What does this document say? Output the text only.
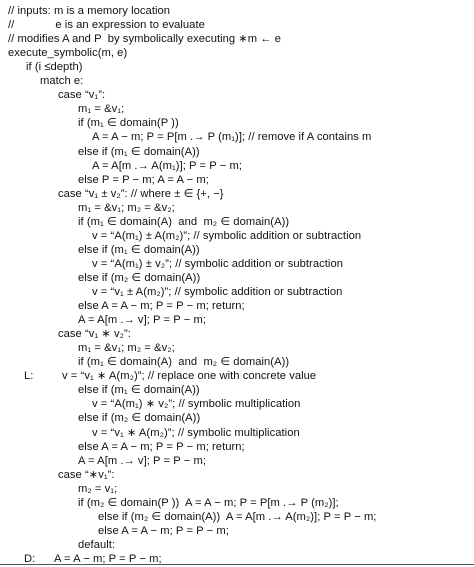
// inputs: m is a memory location
//             e is an expression to evaluate
// modifies A and P  by symbolically executing ∗m ← e
execute_symbolic(m, e)
if (i ≤depth)
match e:
case “v₁”:
m₁ = &v₁;
if (m₁ ∈ domain(P ))
A = A − m; P = P[m .→ P (m₁)]; // remove if A contains m
else if (m₁ ∈ domain(A))
A = A[m .→ A(m₁)]; P = P − m;
else P = P − m; A = A − m;
case “v₁ ± v₂”: // where ± ∈ {+, −}
m₁ = &v₁; m₂ = &v₂;
if (m₁ ∈ domain(A)  and  m₂ ∈ domain(A))
v = “A(m₁) ± A(m₂)”; // symbolic addition or subtraction
else if (m₁ ∈ domain(A))
v = “A(m₁) ± v₂”; // symbolic addition or subtraction
else if (m₂ ∈ domain(A))
v = “v₁ ± A(m₂)”; // symbolic addition or subtraction
else A = A − m; P = P − m; return;
A = A[m .→ v]; P = P − m;
case “v₁ ∗ v₂”:
m₁ = &v₁; m₂ = &v₂;
if (m₁ ∈ domain(A)  and  m₂ ∈ domain(A))
v = “v₁ ∗ A(m₂)”; // replace one with concrete value
else if (m₁ ∈ domain(A))
v = “A(m₁) ∗ v₂”; // symbolic multiplication
else if (m₂ ∈ domain(A))
v = “v₁ ∗ A(m₂)”; // symbolic multiplication
else A = A − m; P = P − m; return;
A = A[m .→ v]; P = P − m;
case “∗v₁”:
m₂ = v₁;
if (m₂ ∈ domain(P ))  A = A − m; P = P[m .→ P (m₂)];
else if (m₂ ∈ domain(A))  A = A[m .→ A(m₂)]; P = P − m;
else A = A − m; P = P − m;
default:
A = A − m; P = P − m;
L:
D:
